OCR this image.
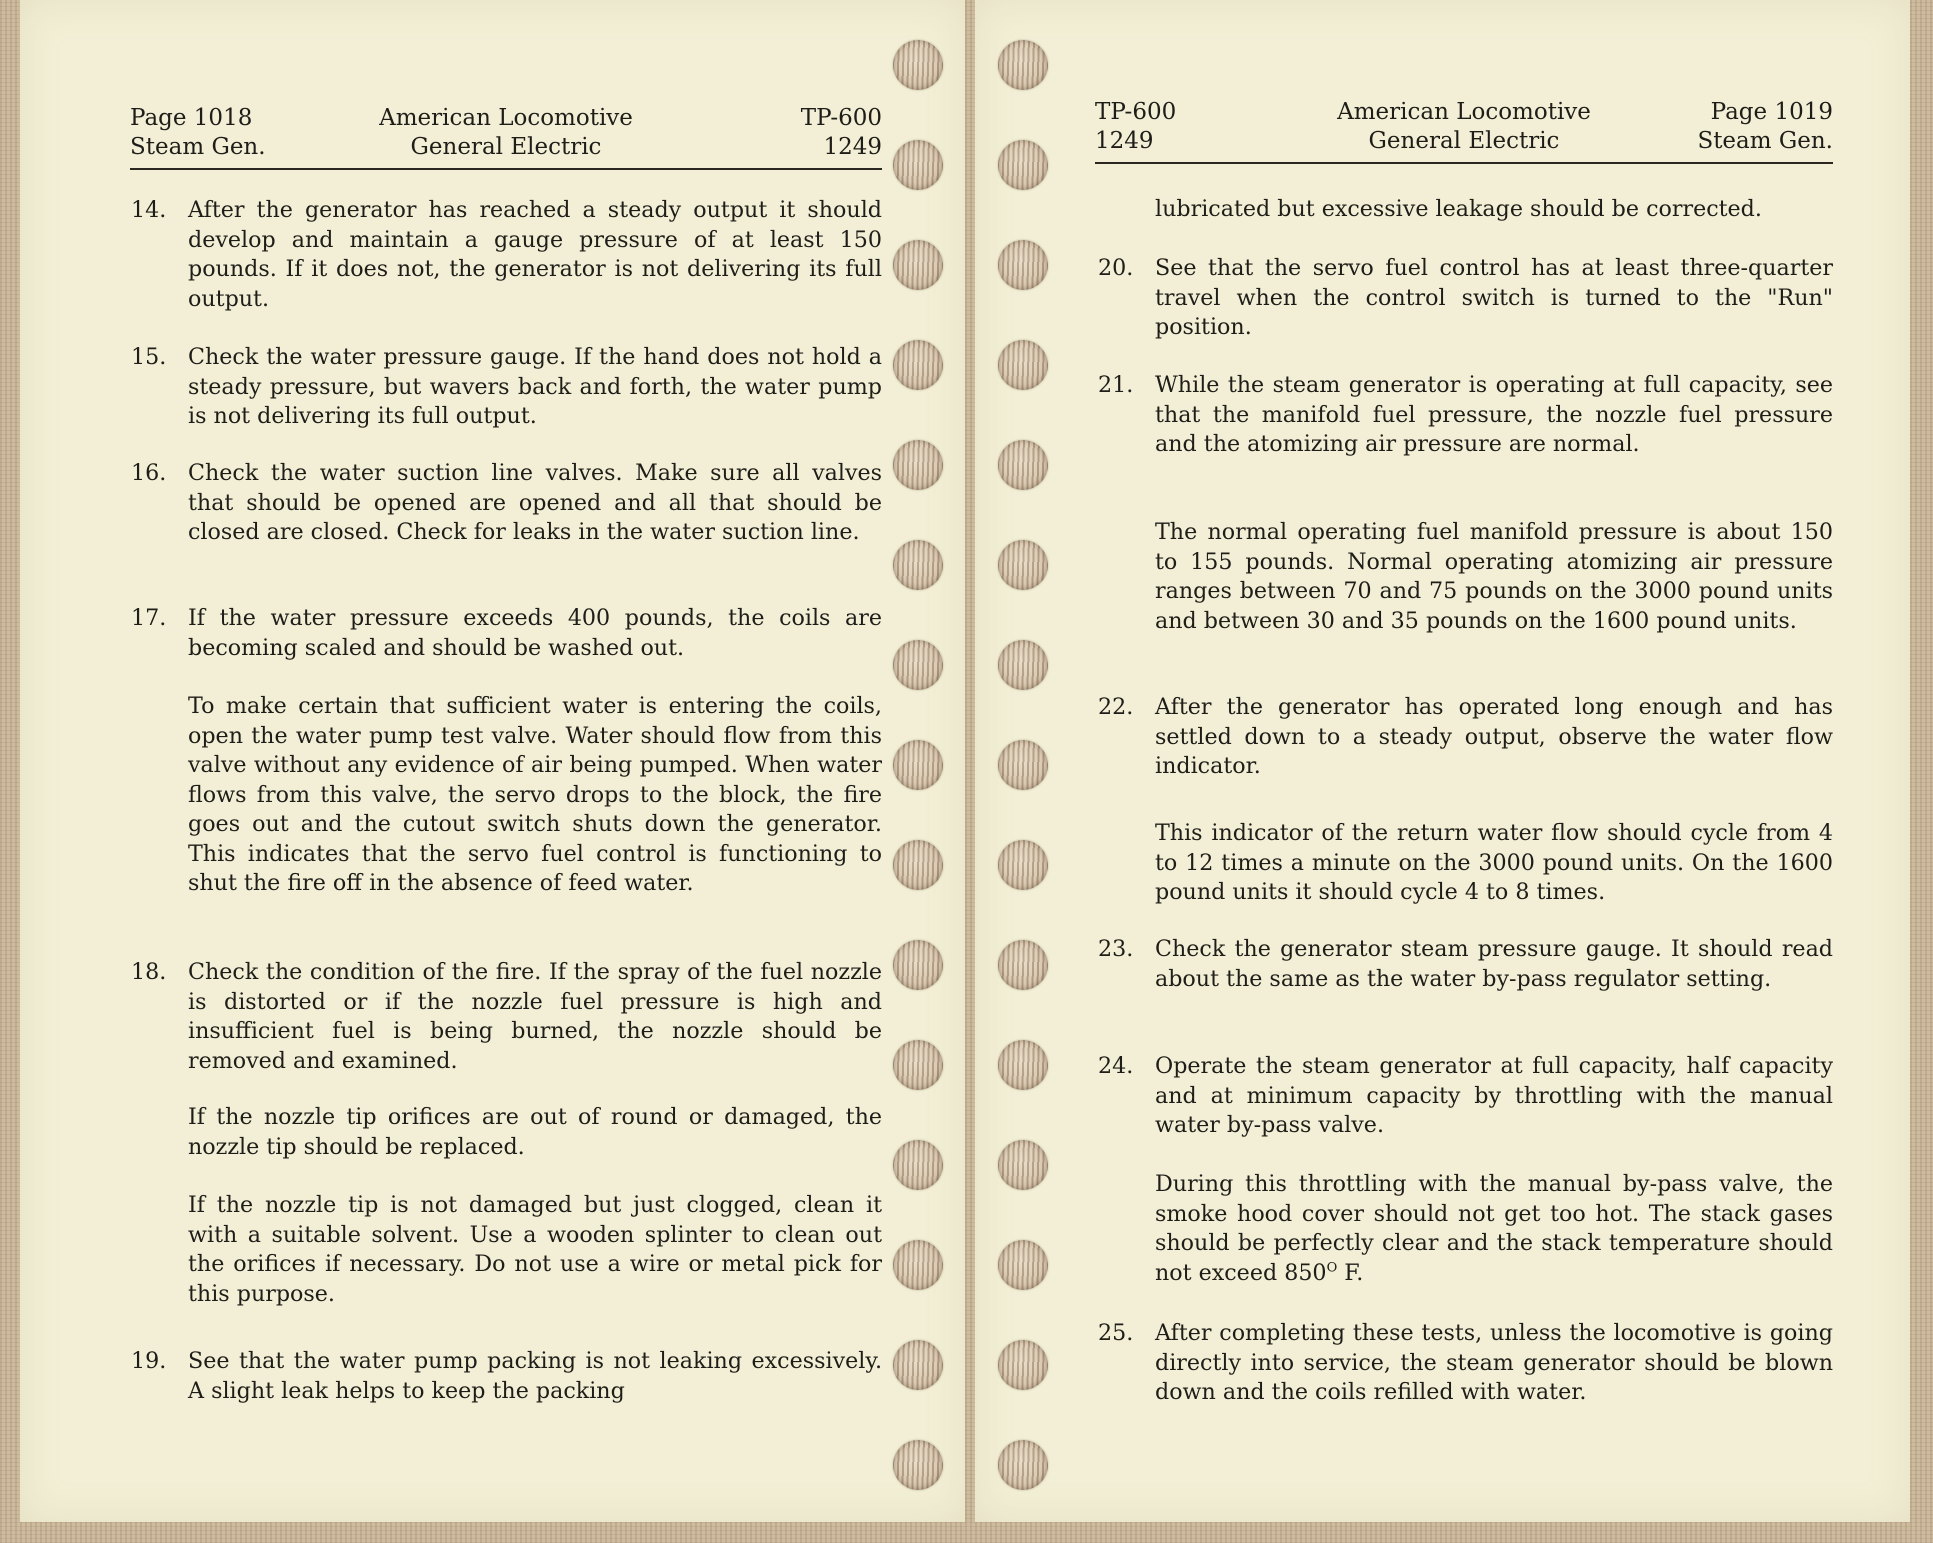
Page 1018
Steam Gen.
American Locomotive
General Electric
TP-600
1249
14. After the generator has reached a steady output it should develop and maintain a gauge pressure of at least 150 pounds. If it does not, the generator is not delivering its full output.
15. Check the water pressure gauge. If the hand does not hold a steady pressure, but wavers back and forth, the water pump is not delivering its full output.
16. Check the water suction line valves. Make sure all valves that should be opened are opened and all that should be closed are closed. Check for leaks in the water suction line.
17. If the water pressure exceeds 400 pounds, the coils are becoming scaled and should be washed out.
To make certain that sufficient water is entering the coils, open the water pump test valve. Water should flow from this valve without any evidence of air being pumped. When water flows from this valve, the servo drops to the block, the fire goes out and the cutout switch shuts down the generator. This indicates that the servo fuel control is functioning to shut the fire off in the absence of feed water.
18. Check the condition of the fire. If the spray of the fuel nozzle is distorted or if the nozzle fuel pressure is high and insufficient fuel is being burned, the nozzle should be removed and examined.
If the nozzle tip orifices are out of round or damaged, the nozzle tip should be replaced.
If the nozzle tip is not damaged but just clogged, clean it with a suitable solvent. Use a wooden splinter to clean out the orifices if necessary. Do not use a wire or metal pick for this purpose.
19. See that the water pump packing is not leaking excessively. A slight leak helps to keep the packing
TP-600
1249
American Locomotive
General Electric
Page 1019
Steam Gen.
lubricated but excessive leakage should be corrected.
20. See that the servo fuel control has at least three-quarter travel when the control switch is turned to the "Run" position.
21. While the steam generator is operating at full capacity, see that the manifold fuel pressure, the nozzle fuel pressure and the atomizing air pressure are normal.
The normal operating fuel manifold pressure is about 150 to 155 pounds. Normal operating atomizing air pressure ranges between 70 and 75 pounds on the 3000 pound units and between 30 and 35 pounds on the 1600 pound units.
22. After the generator has operated long enough and has settled down to a steady output, observe the water flow indicator.
This indicator of the return water flow should cycle from 4 to 12 times a minute on the 3000 pound units. On the 1600 pound units it should cycle 4 to 8 times.
23. Check the generator steam pressure gauge. It should read about the same as the water by-pass regulator setting.
24. Operate the steam generator at full capacity, half capacity and at minimum capacity by throttling with the manual water by-pass valve.
During this throttling with the manual by-pass valve, the smoke hood cover should not get too hot. The stack gases should be perfectly clear and the stack temperature should not exceed $850^O$ F.
25. After completing these tests, unless the locomotive is going directly into service, the steam generator should be blown down and the coils refilled with water.
